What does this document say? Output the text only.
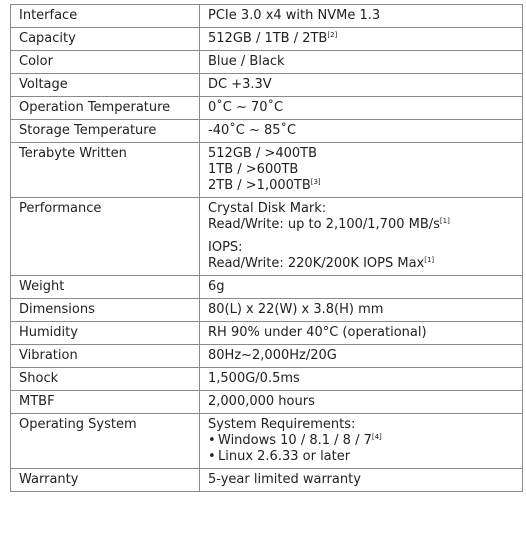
Interface	PCIe 3.0 x4 with NVMe 1.3

Capacity	512GB / 1TB / 2TB[2]

Color	Blue / Black

Voltage	DC +3.3V

Operation Temperature	0˚C ~ 70˚C

Storage Temperature	-40˚C ~ 85˚C

Terabyte Written	512GB / >400TB
1TB / >600TB
2TB / >1,000TB[3]

Performance	Crystal Disk Mark:
Read/Write: up to 2,100/1,700 MB/s[1]
IOPS:
Read/Write: 220K/200K IOPS Max[1]

Weight	6g

Dimensions	80(L) x 22(W) x 3.8(H) mm

Humidity	RH 90% under 40°C (operational)

Vibration	80Hz~2,000Hz/20G

Shock	1,500G/0.5ms

MTBF	2,000,000 hours

Operating System	System Requirements:
• Windows 10 / 8.1 / 8 / 7[4]
• Linux 2.6.33 or later

Warranty	5-year limited warranty
